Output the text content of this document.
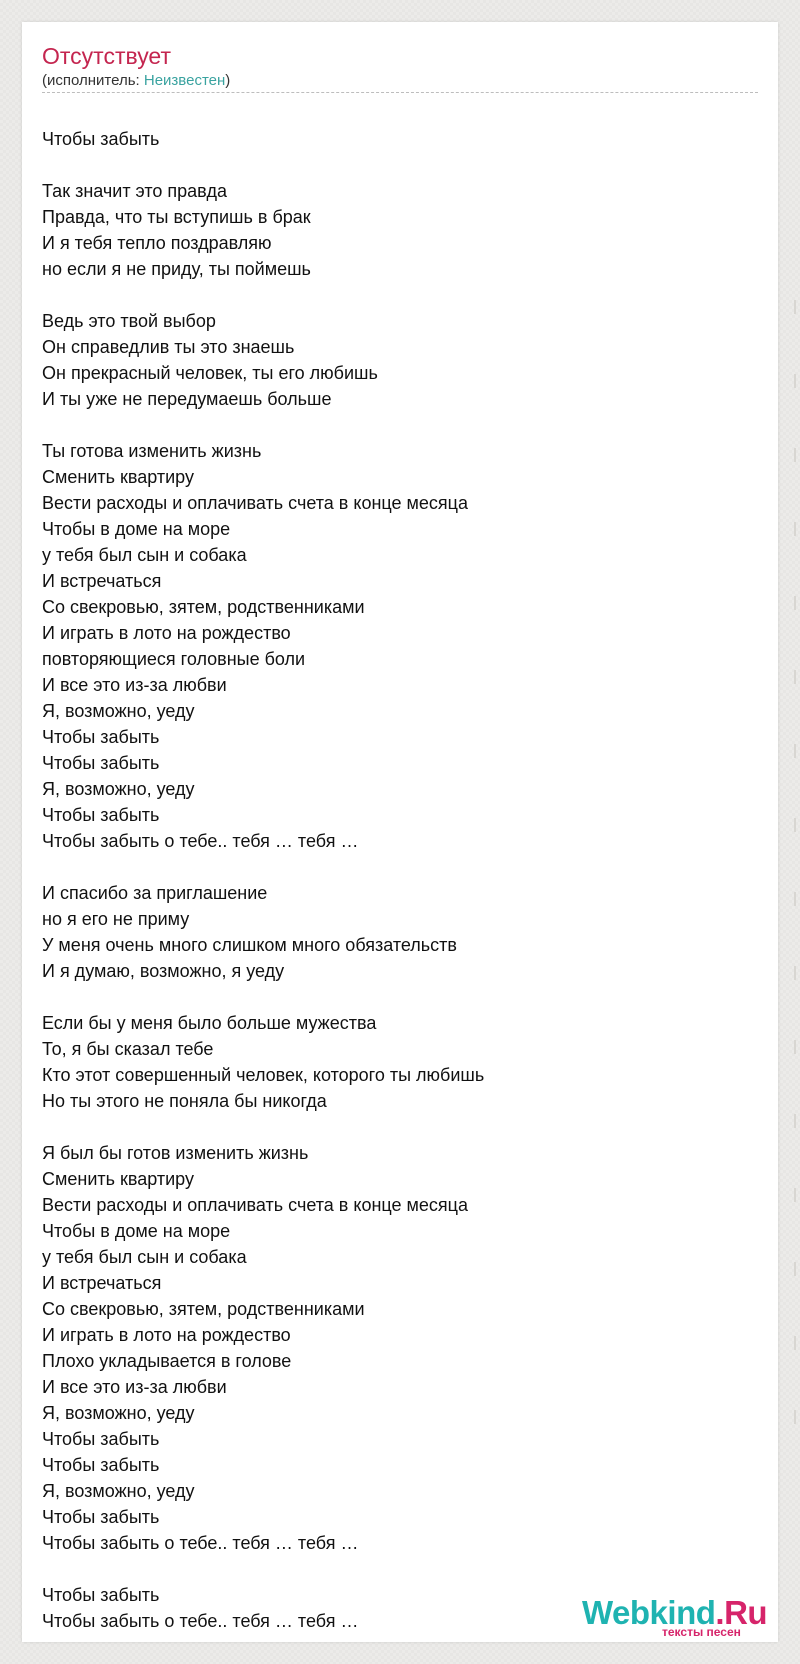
Отсутствует
(исполнитель: Неизвестен)
Чтобы забыть
Так значит это правда
Правда, что ты вступишь в брак
И я тебя тепло поздравляю
но если я не приду, ты поймешь
Ведь это твой выбор
Он справедлив ты это знаешь
Он прекрасный человек, ты его любишь
И ты уже не передумаешь больше
Ты готова изменить жизнь
Сменить квартиру
Вести расходы и оплачивать счета в конце месяца
Чтобы в доме на море
у тебя был сын и собака
И встречаться
Со свекровью, зятем, родственниками
И играть в лото на рождество
повторяющиеся головные боли
И все это из-за любви
Я, возможно, уеду
Чтобы забыть
Чтобы забыть
Я, возможно, уеду
Чтобы забыть
Чтобы забыть о тебе.. тебя … тебя …
И спасибо за приглашение
но я его не приму
У меня очень много слишком много обязательств
И я думаю, возможно, я уеду
Если бы у меня было больше мужества
То, я бы сказал тебе
Кто этот совершенный человек, которого ты любишь
Но ты этого не поняла бы никогда
Я был бы готов изменить жизнь
Сменить квартиру
Вести расходы и оплачивать счета в конце месяца
Чтобы в доме на море
у тебя был сын и собака
И встречаться
Со свекровью, зятем, родственниками
И играть в лото на рождество
Плохо укладывается в голове
И все это из-за любви
Я, возможно, уеду
Чтобы забыть
Чтобы забыть
Я, возможно, уеду
Чтобы забыть
Чтобы забыть о тебе.. тебя … тебя …
Чтобы забыть
Чтобы забыть о тебе.. тебя … тебя …	Webkind.Ru
тексты песен
